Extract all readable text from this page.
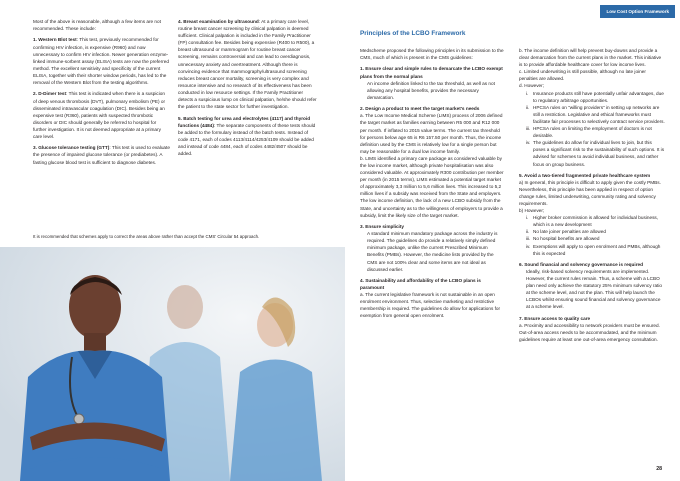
Low Cost Option Framework

Most of the above is reasonable, although a few items are not recommended. These include:

1. Western Blot test: This test, previously recommended for confirming HIV infection, is expensive (R960) and now unnecessary to confirm HIV infection. Newer generation enzyme-linked immune-sorbent assay (ELISA) tests are now the preferred method. The excellent sensitivity and specificity of the current ELISA, together with their shorter window periods, has led to the removal of the Western Blot from the testing algorithms.

2. D-Dimer test: This test is indicated when there is a suspicion of deep venous thrombosis (DVT), pulmonary embolism (PE) or disseminated intravascular coagulation (DIC). Besides being an expensive test (R360), patients with suspected thrombotic disorders or DIC should generally be referred to hospital for further investigation. It is not deemed appropriate at a primary care level.

3. Glucose tolerance testing (GTT): This test is used to evaluate the presence of impaired glucose tolerance (or prediabetes). A fasting glucose blood test is sufficient to diagnose diabetes.

4. Breast examination by ultrasound: At a primary care level, routine breast cancer screening by clinical palpation is deemed sufficient. Clinical palpation is included in the Family Practitioner (FP) consultation fee. Besides being expensive (R400 to R500), a breast ultrasound or mammogram for routine breast cancer screening, remains controversial and can lead to overdiagnosis, unnecessary anxiety and overtreatment. Although there is convincing evidence that mammography/ultrasound screening reduces breast cancer mortality, screening is very complex and resource intensive and no research of its effectiveness has been conducted in low resource settings. If the Family Practitioner detects a suspicious lump on clinical palpation, he/she should refer the patient to the state sector for further investigation.

5. Batch testing for urea and electrolytes (4117) and thyroid functions (4484): The separate components of these tests should be added to the formulary instead of the batch tests. Instead of code 4171, each of codes 4113/4114/4253/4109 should be added and instead of code 4484, each of codes 4482/4507 should be added.

It is recommended that schemes apply to correct the areas above rather than accept the CMS' Circular 54 approach.
Principles of the LCBO Framework

Medscheme proposed the following principles in its submission to the CMS, much of which is present in the CMS guidelines:

1. Ensure clear and simple rules to demarcate the LCBO exempt plans from the normal plans

An income definition linked to the tax threshold, as well as not allowing any hospital benefits, provides the necessary demarcation.

2. Design a product to meet the target market's needs
a. The Low Income Medical Scheme (LIMS) process of 2006 defined the target market as families earning between R5 000 and R12 000 per month. If inflated to 2015 value terms. The current tax threshold for persons below age 65 is R6 157.50 per month. Thus, the income definition used by the CMS is relatively low for a single person but may be reasonable for a dual low income family.

b. LIMS identified a primary care package as considered valuable by the low income market, although private hospitalisation was also considered valuable. At approximately R300 contribution per member per month (in 2015 terms), LIMS estimated a potential target market of approximately 3,3 million to 5,6 million lives. This increased to 5,2 million lives if a subsidy was received from the State and employers. The low income definition, the lack of a new LCBO subsidy from the State, and uncertainty as to the willingness of employers to provide a subsidy, limit the likely size of the target market.

3. Ensure simplicity

A standard minimum mandatory package across the industry is required. The guidelines do provide a relatively simply defined minimum package, unlike the current Prescribed Minimum Benefits (PMBs). However, the medicine lists provided by the CMS are not 100% clear and some items are not ideal as discussed earlier.

4. Sustainability and affordability of the LCBO plans is paramount

a. The current legislative framework is not sustainable in an open enrolment environment. Thus, selective marketing and restrictive membership is required. The guidelines do allow for applications for exemption from general open enrolment.

b. The income definition will help prevent buy-downs and provide a clear demarcation from the current plans in the market. This initiative is to provide affordable healthcare cover for low income lives.
c. Limited underwriting is still possible, although no late joiner penalties are allowed.
d. However;
i. Insurance products still have potentially unfair advantages, due to regulatory arbitrage opportunities.
ii. HPCSA rules on “willing providers” in setting up networks are still a restriction. Legislative and ethical frameworks must facilitate fair processes to selectively contract service providers.
iii. HPCSA rules on limiting the employment of doctors is not desirable.
iv. The guidelines do allow for individual lives to join, but this poses a significant risk to the sustainability of such options. It is advised for schemes to avoid individual business, and rather focus on group business.
5. Avoid a two-tiered fragmented private healthcare system
a) In general, this principle is difficult to apply given the costly PMBs. Nevertheless, this principle has been applied in respect of option change rules, limited underwriting, community rating and solvency requirements.
b) However;
i. Higher broker commission is allowed for individual business, which is a new development
ii. No late joiner penalties are allowed
iii. No hospital benefits are allowed
iv. Exemptions will apply to open enrolment and PMBs, although this is expected
6. Sound financial and solvency governance is required

Ideally, risk-based solvency requirements are implemented. However, the current rules remain. Thus, a scheme with a LCBO plan need only achieve the statutory 25% minimum solvency ratio at the scheme level, and not the plan. This will help launch the LCBOs whilst ensuring sound financial and solvency governance at a scheme level.

7. Ensure access to quality care
a. Proximity and accessibility to network providers must be ensured. Out-of-area access needs to be accommodated, and the minimum guidelines require at least one out-of-area emergency consultation.
28
